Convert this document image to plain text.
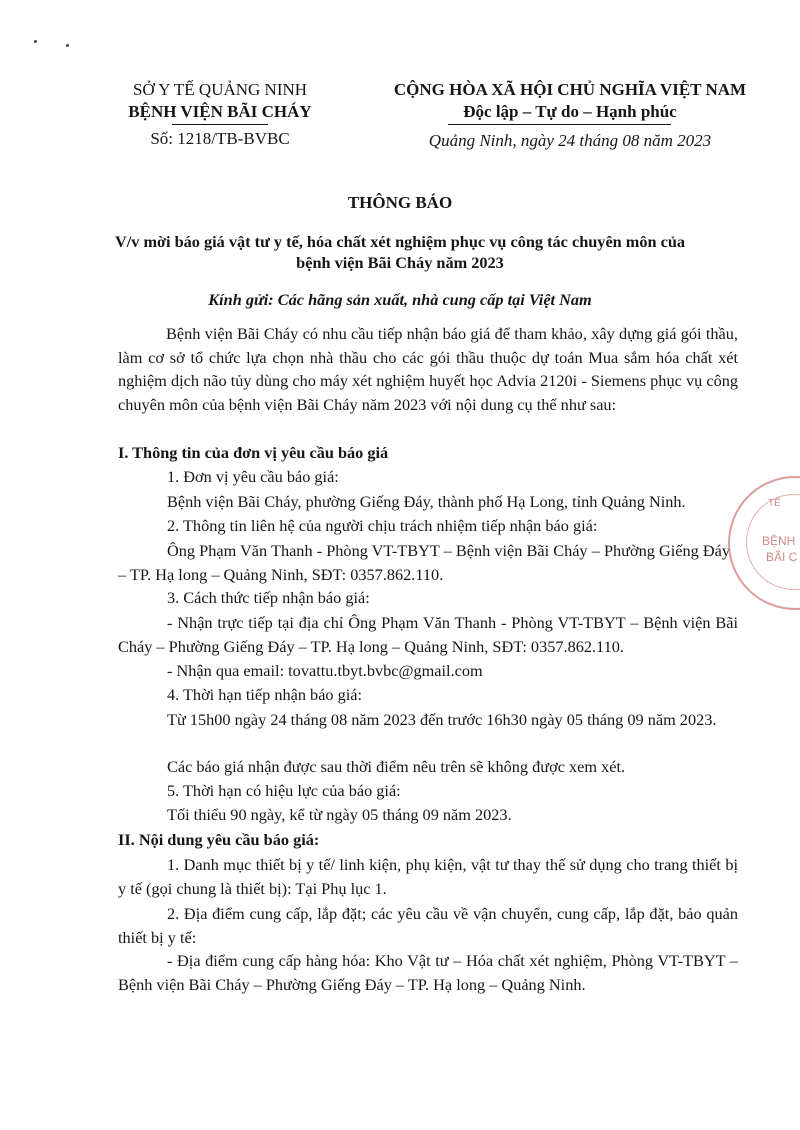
SỞ Y TẾ QUẢNG NINH
BỆNH VIỆN BÃI CHÁY
Số: 1218/TB-BVBC
CỘNG HÒA XÃ HỘI CHỦ NGHĨA VIỆT NAM
Độc lập – Tự do – Hạnh phúc
Quảng Ninh, ngày 24 tháng 08 năm 2023
THÔNG BÁO
V/v mời báo giá vật tư y tế, hóa chất xét nghiệm phục vụ công tác chuyên môn của
bệnh viện Bãi Cháy năm 2023
Kính gửi: Các hãng sản xuất, nhà cung cấp tại Việt Nam
Bệnh viện Bãi Cháy có nhu cầu tiếp nhận báo giá để tham khảo, xây dựng giá gói thầu, làm cơ sở tổ chức lựa chọn nhà thầu cho các gói thầu thuộc dự toán Mua sắm hóa chất xét nghiệm dịch não tủy dùng cho máy xét nghiệm huyết học Advia 2120i - Siemens phục vụ công chuyên môn của bệnh viện Bãi Cháy năm 2023 với nội dung cụ thể như sau:
I. Thông tin của đơn vị yêu cầu báo giá
1. Đơn vị yêu cầu báo giá:
Bệnh viện Bãi Cháy, phường Giếng Đáy, thành phố Hạ Long, tỉnh Quảng Ninh.
2. Thông tin liên hệ của người chịu trách nhiệm tiếp nhận báo giá:
Ông Phạm Văn Thanh - Phòng VT-TBYT – Bệnh viện Bãi Cháy – Phường Giếng Đáy – TP. Hạ long – Quảng Ninh, SĐT: 0357.862.110.
3. Cách thức tiếp nhận báo giá:
- Nhận trực tiếp tại địa chỉ Ông Phạm Văn Thanh - Phòng VT-TBYT – Bệnh viện Bãi Cháy – Phường Giếng Đáy – TP. Hạ long – Quảng Ninh, SĐT: 0357.862.110.
- Nhận qua email: tovattu.tbyt.bvbc@gmail.com
4. Thời hạn tiếp nhận báo giá:
Từ 15h00 ngày 24 tháng 08 năm 2023 đến trước 16h30 ngày 05 tháng 09 năm 2023.
Các báo giá nhận được sau thời điểm nêu trên sẽ không được xem xét.
5. Thời hạn có hiệu lực của báo giá:
Tối thiểu 90 ngày, kể từ ngày 05 tháng 09 năm 2023.
II. Nội dung yêu cầu báo giá:
1. Danh mục thiết bị y tế/ linh kiện, phụ kiện, vật tư thay thế sử dụng cho trang thiết bị y tế (gọi chung là thiết bị): Tại Phụ lục 1.
2. Địa điểm cung cấp, lắp đặt; các yêu cầu về vận chuyển, cung cấp, lắp đặt, bảo quản thiết bị y tế:
- Địa điểm cung cấp hàng hóa: Kho Vật tư – Hóa chất xét nghiệm, Phòng VT-TBYT – Bệnh viện Bãi Cháy – Phường Giếng Đáy – TP. Hạ long – Quảng Ninh.
TẾ
BỆNH
BÃI C
